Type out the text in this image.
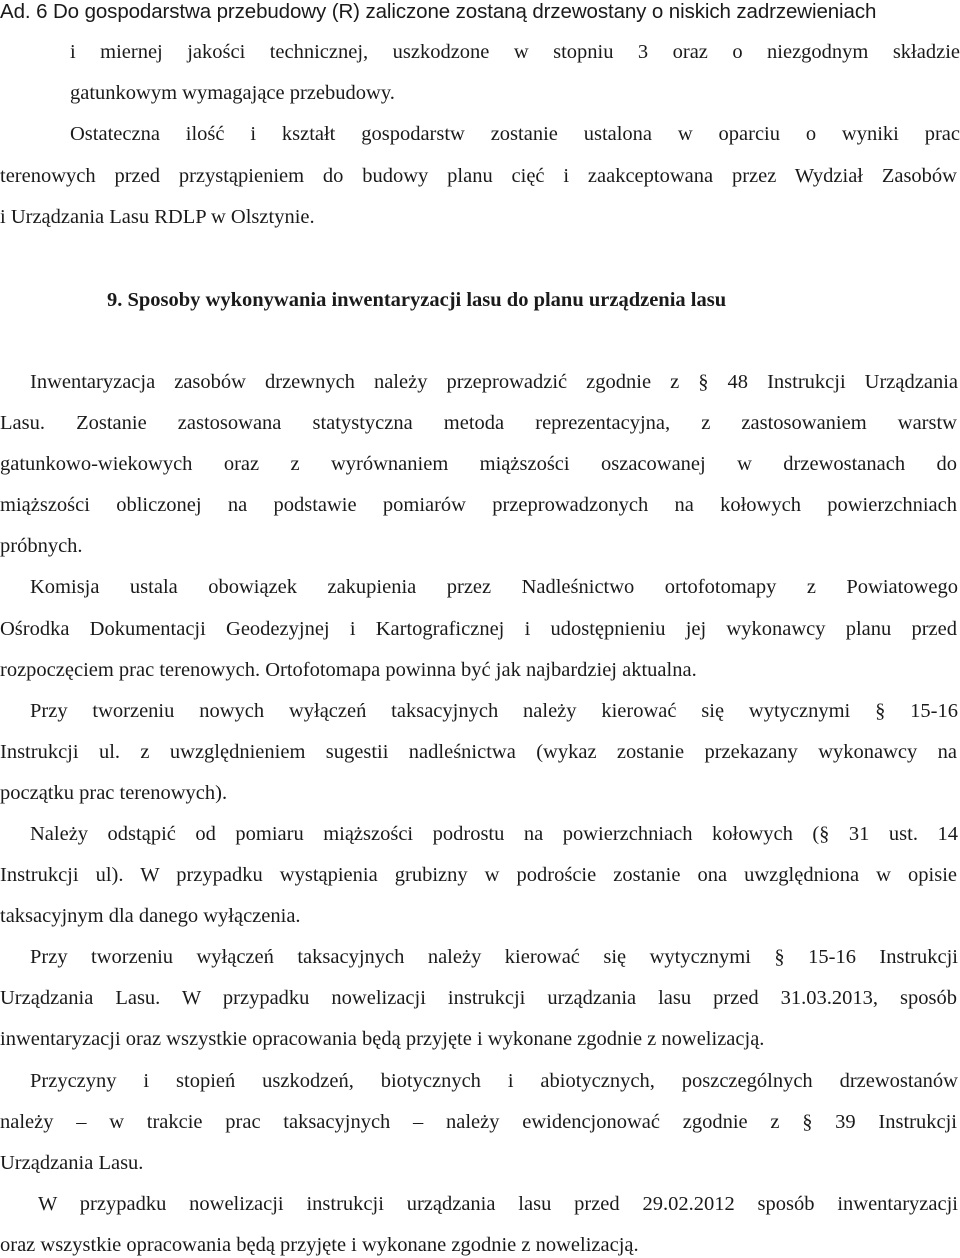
Ad. 6 Do gospodarstwa przebudowy (R) zaliczone zostaną drzewostany o niskich zadrzewieniach
i miernej jakości technicznej, uszkodzone w stopniu 3 oraz o niezgodnym składzie
gatunkowym wymagające przebudowy.
Ostateczna ilość i kształt gospodarstw zostanie ustalona w oparciu o wyniki prac
terenowych przed przystąpieniem do budowy planu cięć i zaakceptowana przez Wydział Zasobów
i Urządzania Lasu RDLP w Olsztynie.
9. Sposoby wykonywania inwentaryzacji lasu do planu urządzenia lasu
Inwentaryzacja zasobów drzewnych należy przeprowadzić zgodnie z § 48 Instrukcji Urządzania
Lasu. Zostanie zastosowana statystyczna metoda reprezentacyjna, z zastosowaniem warstw
gatunkowo-wiekowych oraz z wyrównaniem miąższości oszacowanej w drzewostanach do
miąższości obliczonej na podstawie pomiarów przeprowadzonych na kołowych powierzchniach
próbnych.
Komisja ustala obowiązek zakupienia przez Nadleśnictwo ortofotomapy z Powiatowego
Ośrodka Dokumentacji Geodezyjnej i Kartograficznej i udostępnieniu jej wykonawcy planu przed
rozpoczęciem prac terenowych. Ortofotomapa powinna być jak najbardziej aktualna.
Przy tworzeniu nowych wyłączeń taksacyjnych należy kierować się wytycznymi § 15-16
Instrukcji ul. z uwzględnieniem sugestii nadleśnictwa (wykaz zostanie przekazany wykonawcy na
początku prac terenowych).
Należy odstąpić od pomiaru miąższości podrostu na powierzchniach kołowych (§ 31 ust. 14
Instrukcji ul). W przypadku wystąpienia grubizny w podroście zostanie ona uwzględniona w opisie
taksacyjnym dla danego wyłączenia.
Przy tworzeniu wyłączeń taksacyjnych należy kierować się wytycznymi § 15-16 Instrukcji
Urządzania Lasu. W przypadku nowelizacji instrukcji urządzania lasu przed 31.03.2013, sposób
inwentaryzacji oraz wszystkie opracowania będą przyjęte i wykonane zgodnie z nowelizacją.
Przyczyny i stopień uszkodzeń, biotycznych i abiotycznych, poszczególnych drzewostanów
należy – w trakcie prac taksacyjnych – należy ewidencjonować zgodnie z § 39 Instrukcji
Urządzania Lasu.
W przypadku nowelizacji instrukcji urządzania lasu przed 29.02.2012 sposób inwentaryzacji
oraz wszystkie opracowania będą przyjęte i wykonane zgodnie z nowelizacją.
